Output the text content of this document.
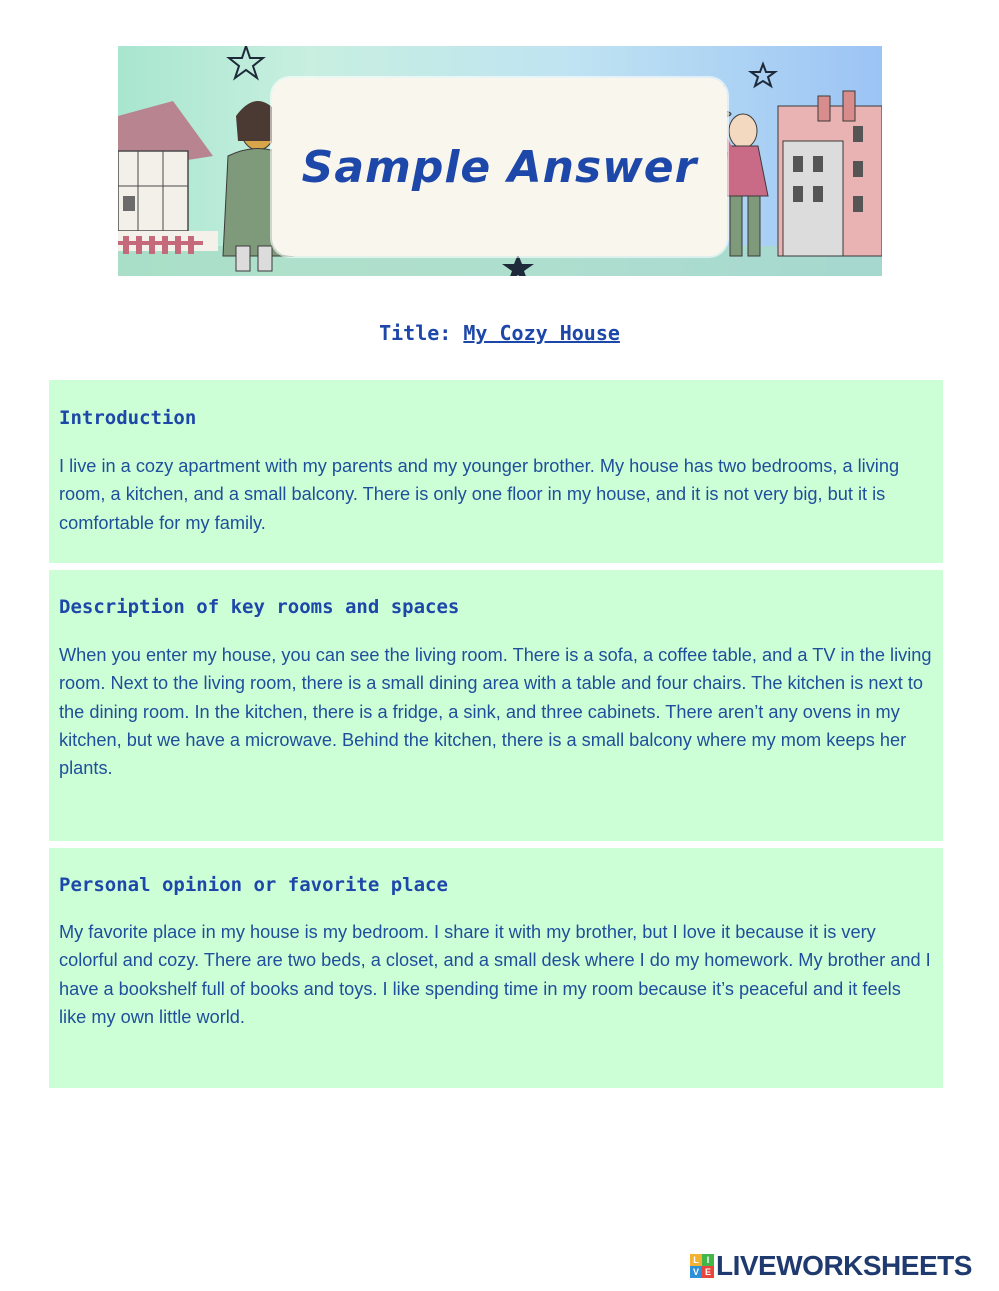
Sample Answer
Title: My Cozy House
Introduction

I live in a cozy apartment with my parents and my younger brother. My house has two bedrooms, a living room, a kitchen, and a small balcony. There is only one floor in my house, and it is not very big, but it is comfortable for my family.

Description of key rooms and spaces

When you enter my house, you can see the living room. There is a sofa, a coffee table, and a TV in the living room. Next to the living room, there is a small dining area with a table and four chairs. The kitchen is next to the dining room. In the kitchen, there is a fridge, a sink, and three cabinets. There aren’t any ovens in my kitchen, but we have a microwave. Behind the kitchen, there is a small balcony where my mom keeps her plants.

Personal opinion or favorite place

My favorite place in my house is my bedroom. I share it with my brother, but I love it because it is very colorful and cozy. There are two beds, a closet, and a small desk where I do my homework. My brother and I have a bookshelf full of books and toys. I like spending time in my room because it’s peaceful and it feels like my own little world.

L I
V E LIVEWORKSHEETS
